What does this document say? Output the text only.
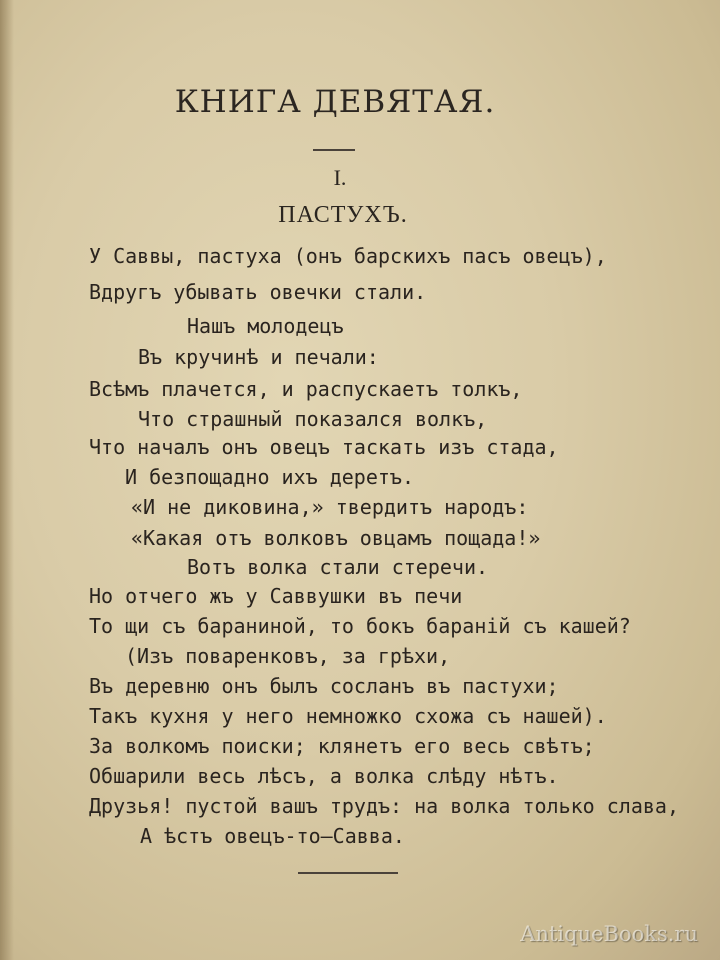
КНИГА ДЕВЯТАЯ.
I.
ПАСТУХЪ.
У Саввы, пастуха (онъ барскихъ пасъ овецъ),
Вдругъ убывать овечки стали.
Нашъ молодецъ
Въ кручинѣ и печали:
Всѣмъ плачется, и распускаетъ толкъ,
Что страшный показался волкъ,
Что началъ онъ овецъ таскать изъ стада,
И безпощадно ихъ деретъ.
«И не диковина,» твердитъ народъ:
«Какая отъ волковъ овцамъ пощада!»
Вотъ волка стали стеречи.
Но отчего жъ у Саввушки въ печи
То щи съ бараниной, то бокъ бараній съ кашей?
(Изъ поваренковъ, за грѣхи,
Въ деревню онъ былъ сосланъ въ пастухи;
Такъ кухня у него немножко схожа съ нашей).
За волкомъ поиски; клянетъ его весь свѣтъ;
Обшарили весь лѣсъ, а волка слѣду нѣтъ.
Друзья! пустой вашъ трудъ: на волка только слава,
А ѣстъ овецъ-то—Савва.
AntiqueBooks.ru
